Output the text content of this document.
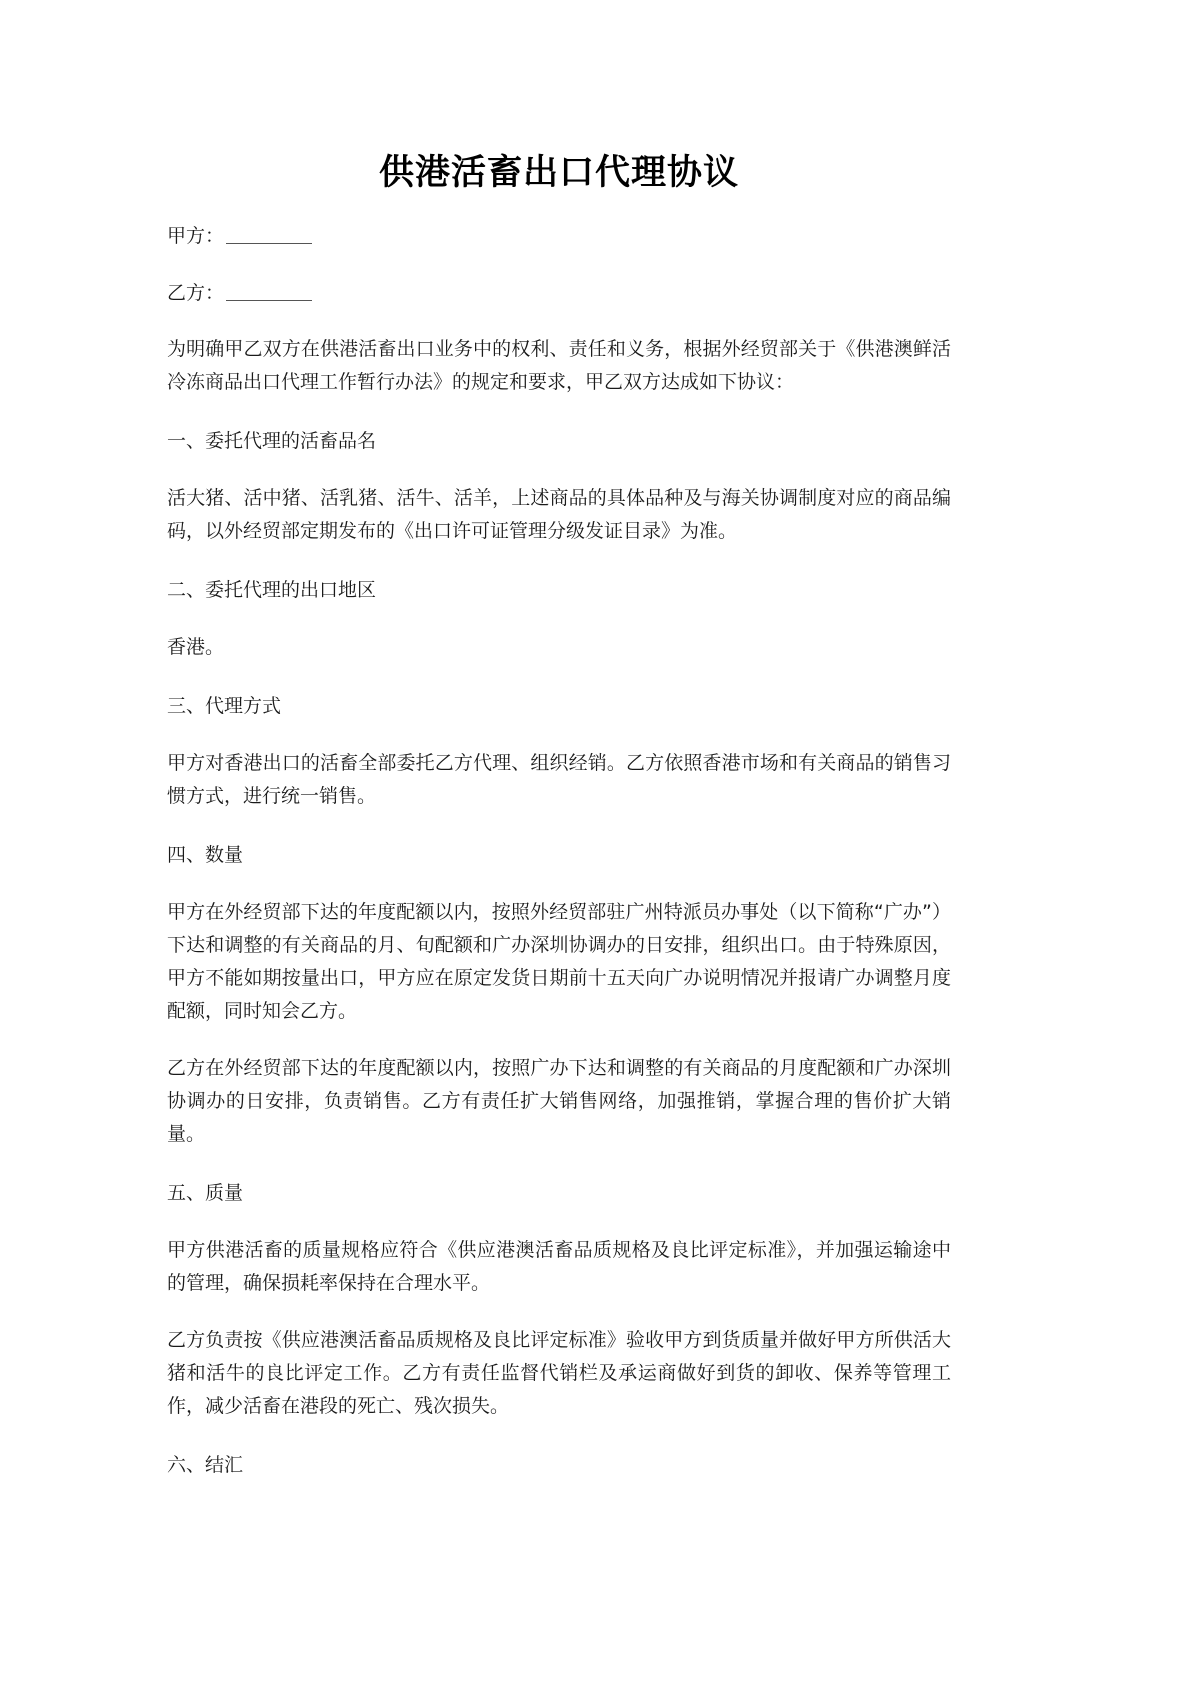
供港活畜出口代理协议

甲方：

乙方：

为明确甲乙双方在供港活畜出口业务中的权利、责任和义务，根据外经贸部关于《供港澳鲜活冷冻商品出口代理工作暂行办法》的规定和要求，甲乙双方达成如下协议：

一、委托代理的活畜品名

活大猪、活中猪、活乳猪、活牛、活羊，上述商品的具体品种及与海关协调制度对应的商品编码，以外经贸部定期发布的《出口许可证管理分级发证目录》为准。

二、委托代理的出口地区

香港。

三、代理方式

甲方对香港出口的活畜全部委托乙方代理、组织经销。乙方依照香港市场和有关商品的销售习惯方式，进行统一销售。

四、数量

甲方在外经贸部下达的年度配额以内，按照外经贸部驻广州特派员办事处（以下简称“广办”）下达和调整的有关商品的月、旬配额和广办深圳协调办的日安排，组织出口。由于特殊原因，甲方不能如期按量出口，甲方应在原定发货日期前十五天向广办说明情况并报请广办调整月度配额，同时知会乙方。

乙方在外经贸部下达的年度配额以内，按照广办下达和调整的有关商品的月度配额和广办深圳协调办的日安排，负责销售。乙方有责任扩大销售网络，加强推销，掌握合理的售价扩大销量。

五、质量

甲方供港活畜的质量规格应符合《供应港澳活畜品质规格及良比评定标准》，并加强运输途中的管理，确保损耗率保持在合理水平。

乙方负责按《供应港澳活畜品质规格及良比评定标准》验收甲方到货质量并做好甲方所供活大猪和活牛的良比评定工作。乙方有责任监督代销栏及承运商做好到货的卸收、保养等管理工作，减少活畜在港段的死亡、残次损失。

六、结汇
